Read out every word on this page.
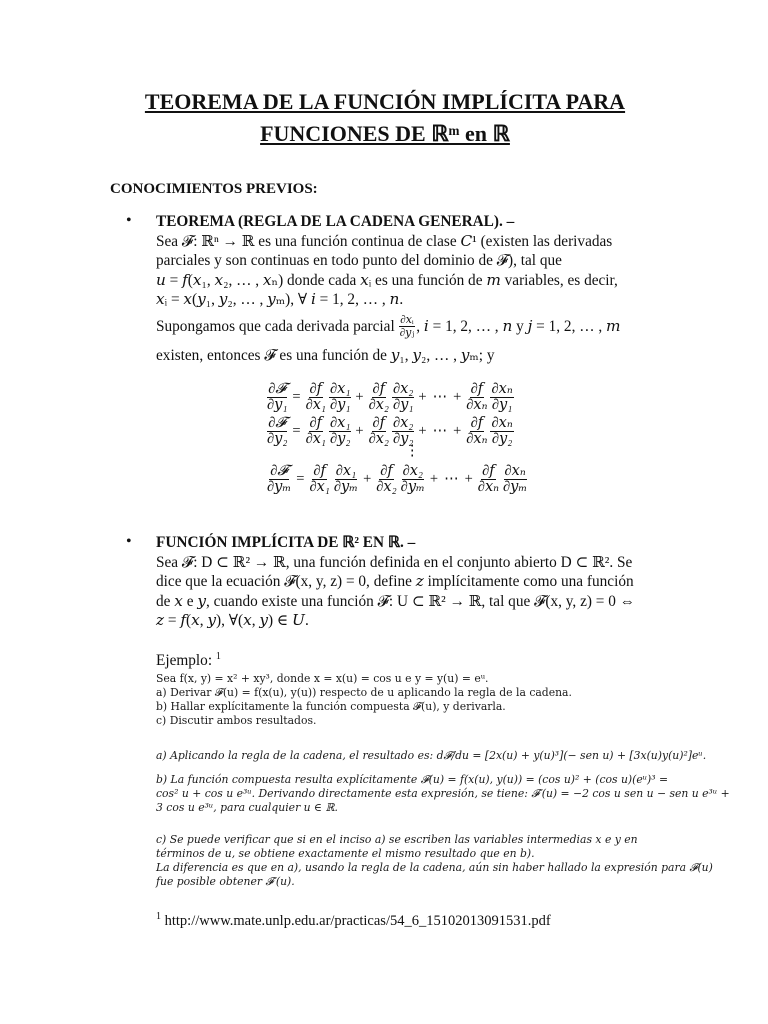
TEOREMA DE LA FUNCIÓN IMPLÍCITA PARA
FUNCIONES DE ℝᵐ en ℝ
CONOCIMIENTOS PREVIOS:
• TEOREMA (REGLA DE LA CADENA GENERAL). –
Sea 𝓕: ℝⁿ → ℝ es una función continua de clase 𝐶¹ (existen las derivadas
parciales y son continuas en todo punto del dominio de 𝓕), tal que
𝑢 = 𝑓(𝑥₁, 𝑥₂, … , 𝑥ₙ) donde cada 𝑥ᵢ es una función de 𝑚 variables, es decir,
𝑥ᵢ = 𝑥(𝑦₁, 𝑦₂, … , 𝑦ₘ), ∀ 𝑖 = 1, 2, … , 𝑛.
Supongamos que cada derivada parcial $\frac{\text{∂𝑥ᵢ}}{\text{∂𝑦ⱼ}}$ , 𝑖 = 1, 2, … , 𝑛 y 𝑗 = 1, 2, … , 𝑚
existen, entonces 𝓕 es una función de 𝑦₁, 𝑦₂, … , 𝑦ₘ; y
$\frac{\text{∂𝓕}}{\text{∂𝑦₁}} = \frac{\text{∂𝑓}}{\text{∂𝑥₁}} \frac{\text{∂𝑥₁}}{\text{∂𝑦₁}} + \frac{\text{∂𝑓}}{\text{∂𝑥₂}} \frac{\text{∂𝑥₂}}{\text{∂𝑦₁}}$ + ⋯ + $\frac{\text{∂𝑓}}{\text{∂𝑥ₙ}} \frac{\text{∂𝑥ₙ}}{\text{∂𝑦₁}}$
$\frac{\text{∂𝓕}}{\text{∂𝑦₂}} = \frac{\text{∂𝑓}}{\text{∂𝑥₁}} \frac{\text{∂𝑥₁}}{\text{∂𝑦₂}} + \frac{\text{∂𝑓}}{\text{∂𝑥₂}} \frac{\text{∂𝑥₂}}{\text{∂𝑦₂}}$ + ⋯ + $\frac{\text{∂𝑓}}{\text{∂𝑥ₙ}} \frac{\text{∂𝑥ₙ}}{\text{∂𝑦₂}}$
⋮
$\frac{\text{∂𝓕}}{\text{∂𝑦ₘ}} = \frac{\text{∂𝑓}}{\text{∂𝑥₁}} \frac{\text{∂𝑥₁}}{\text{∂𝑦ₘ}} + \frac{\text{∂𝑓}}{\text{∂𝑥₂}} \frac{\text{∂𝑥₂}}{\text{∂𝑦ₘ}}$ + ⋯ + $\frac{\text{∂𝑓}}{\text{∂𝑥ₙ}} \frac{\text{∂𝑥ₙ}}{\text{∂𝑦ₘ}}$
• FUNCIÓN IMPLÍCITA DE ℝ² EN ℝ. –
Sea 𝓕: D ⊂ ℝ² → ℝ, una función definida en el conjunto abierto D ⊂ ℝ². Se
dice que la ecuación 𝓕(x, y, z) = 0, define 𝑧 implícitamente como una función
de 𝑥 e 𝑦, cuando existe una función 𝓕: U ⊂ ℝ² → ℝ, tal que 𝓕(x, y, z) = 0 ⇔
𝑧 = 𝑓(𝑥, 𝑦), ∀(𝑥, 𝑦) ∈ 𝑈.
Ejemplo: $^1$
Sea f(x, y) = x² + xy³, donde x = x(u) = cos u e y = y(u) = eᵘ.
a) Derivar 𝓕(u) = f(x(u), y(u)) respecto de u aplicando la regla de la cadena.
b) Hallar explícitamente la función compuesta 𝓕(u), y derivarla.
c) Discutir ambos resultados.
a) Aplicando la regla de la cadena, el resultado es: d𝓕/du = [2x(u) + y(u)³](− sen u) + [3x(u)y(u)²]eᵘ.
b) La función compuesta resulta explícitamente 𝓕(u) = f(x(u), y(u)) = (cos u)² + (cos u)(eᵘ)³ =
cos² u + cos u e³ᵘ. Derivando directamente esta expresión, se tiene: 𝓕′(u) = −2 cos u sen u − sen u e³ᵘ +
3 cos u e³ᵘ, para cualquier u ∈ ℝ.
c) Se puede verificar que si en el inciso a) se escriben las variables intermedias x e y en
términos de u, se obtiene exactamente el mismo resultado que en b).
La diferencia es que en a), usando la regla de la cadena, aún sin haber hallado la expresión para 𝓕(u)
fue posible obtener 𝓕′(u).
$^1$ http://www.mate.unlp.edu.ar/practicas/54_6_15102013091531.pdf
